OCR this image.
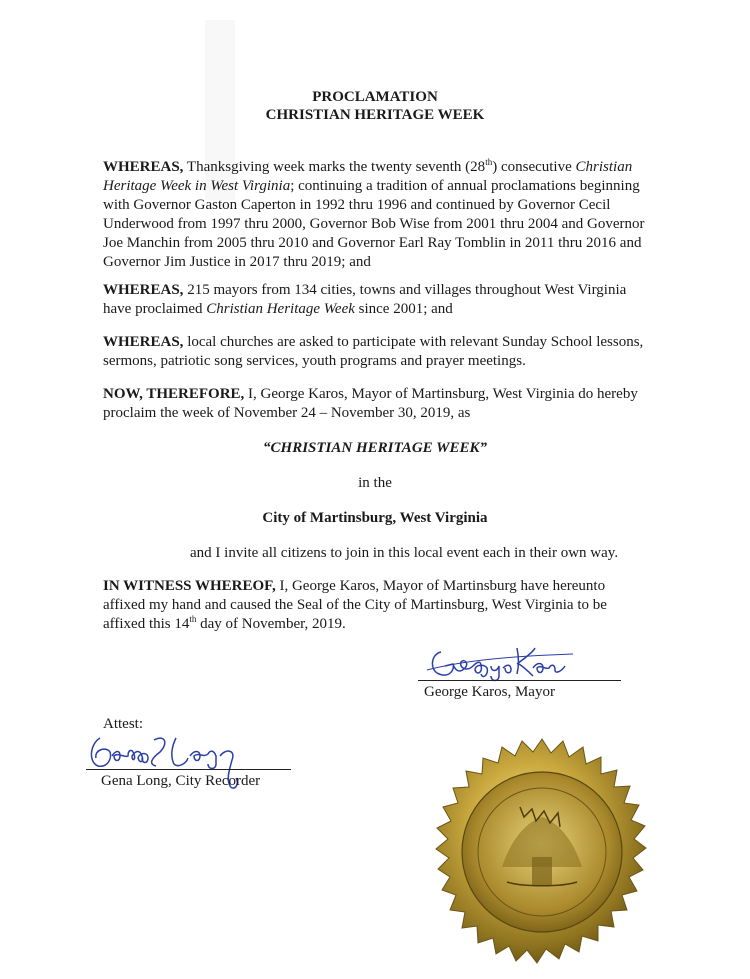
PROCLAMATION
CHRISTIAN HERITAGE WEEK

WHEREAS, Thanksgiving week marks the twenty seventh (28th) consecutive Christian Heritage Week in West Virginia; continuing a tradition of annual proclamations beginning with Governor Gaston Caperton in 1992 thru 1996 and continued by Governor Cecil Underwood from 1997 thru 2000, Governor Bob Wise from 2001 thru 2004 and Governor Joe Manchin from 2005 thru 2010 and Governor Earl Ray Tomblin in 2011 thru 2016 and Governor Jim Justice in 2017 thru 2019; and

WHEREAS, 215 mayors from 134 cities, towns and villages throughout West Virginia have proclaimed Christian Heritage Week since 2001; and

WHEREAS, local churches are asked to participate with relevant Sunday School lessons, sermons, patriotic song services, youth programs and prayer meetings.

NOW, THEREFORE, I, George Karos, Mayor of Martinsburg, West Virginia do hereby proclaim the week of November 24 – November 30, 2019, as

“CHRISTIAN HERITAGE WEEK”
in the
City of Martinsburg, West Virginia
and I invite all citizens to join in this local event each in their own way.

IN WITNESS WHEREOF, I, George Karos, Mayor of Martinsburg have hereunto affixed my hand and caused the Seal of the City of Martinsburg, West Virginia to be affixed this 14th day of November, 2019.

George Karos, Mayor
Attest:
Gena Long, City Recorder
